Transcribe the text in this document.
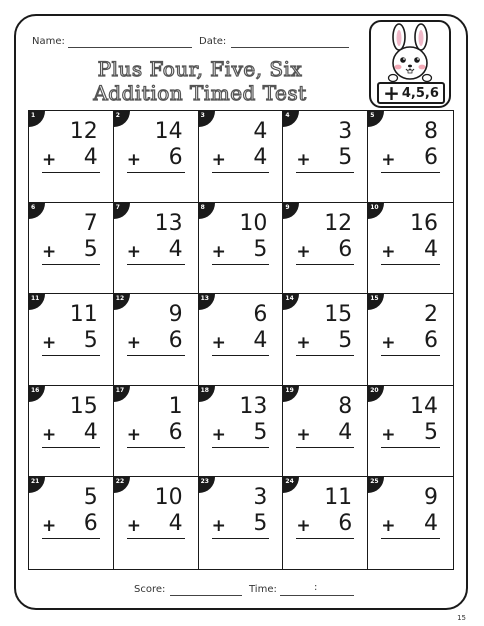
Name:	Date:
Plus Four, Five, Six
Addition Timed Test	+ 4,5,6
1
12
+ 4
2
14
+ 6
3
4
+ 4
4
3
+ 5
5
8
+ 6
6
7
+ 5
7
13
+ 4
8
10
+ 5
9
12
+ 6
10
16
+ 4
11
11
+ 5
12
9
+ 6
13
6
+ 4
14
15
+ 5
15
2
+ 6
16
15
+ 4
17
1
+ 6
18
13
+ 5
19
8
+ 4
20
14
+ 5
21
5
+ 6
22
10
+ 4
23
3
+ 5
24
11
+ 6
25
9
+ 4
Score:	Time:	:
15
